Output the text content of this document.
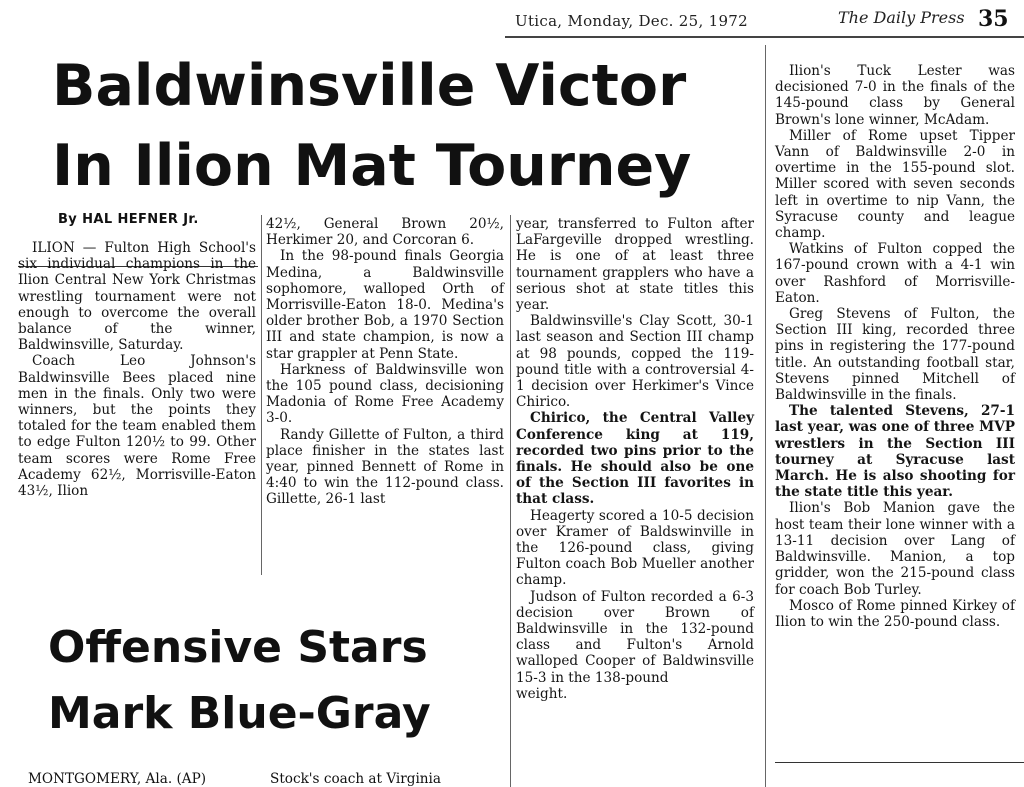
Utica, Monday, Dec. 25, 1972	The Daily Press 35
Baldwinsville Victor
In Ilion Mat Tourney
By HAL HEFNER Jr.

ILION — Fulton High School's six individual champions in the Ilion Central New York Christmas wrestling tournament were not enough to overcome the overall balance of the winner, Baldwinsville, Saturday.

Coach Leo Johnson's Baldwinsville Bees placed nine men in the finals. Only two were winners, but the points they totaled for the team enabled them to edge Fulton 120½ to 99. Other team scores were Rome Free Academy 62½, Morrisville-Eaton 43½, Ilion

42½, General Brown 20½, Herkimer 20, and Corcoran 6.

In the 98-pound finals Georgia Medina, a Baldwinsville sophomore, walloped Orth of Morrisville-Eaton 18-0. Medina's older brother Bob, a 1970 Section III and state champion, is now a star grappler at Penn State.

Harkness of Baldwinsville won the 105 pound class, decisioning Madonia of Rome Free Academy 3-0.

Randy Gillette of Fulton, a third place finisher in the states last year, pinned Bennett of Rome in 4:40 to win the 112-pound class. Gillette, 26-1 last

year, transferred to Fulton after LaFargeville dropped wrestling. He is one of at least three tournament grapplers who have a serious shot at state titles this year.

Baldwinsville's Clay Scott, 30-1 last season and Section III champ at 98 pounds, copped the 119-pound title with a controversial 4-1 decision over Herkimer's Vince Chirico.

Chirico, the Central Valley Conference king at 119, recorded two pins prior to the finals. He should also be one of the Section III favorites in that class.

Heagerty scored a 10-5 decision over Kramer of Baldswinville in the 126-pound class, giving Fulton coach Bob Mueller another champ.

Judson of Fulton recorded a 6-3 decision over Brown of Baldwinsville in the 132-pound class and Fulton's Arnold walloped Cooper of Baldwinsville 15-3 in the 138-pound

weight.

Ilion's Tuck Lester was decisioned 7-0 in the finals of the 145-pound class by General Brown's lone winner, McAdam.

Miller of Rome upset Tipper Vann of Baldwinsville 2-0 in overtime in the 155-pound slot. Miller scored with seven seconds left in overtime to nip Vann, the Syracuse county and league champ.

Watkins of Fulton copped the 167-pound crown with a 4-1 win over Rashford of Morrisville-Eaton.

Greg Stevens of Fulton, the Section III king, recorded three pins in registering the 177-pound title. An outstanding football star, Stevens pinned Mitchell of Baldwinsville in the finals.

The talented Stevens, 27-1 last year, was one of three MVP wrestlers in the Section III tourney at Syracuse last March. He is also shooting for the state title this year.

Ilion's Bob Manion gave the host team their lone winner with a 13-11 decision over Lang of Baldwinsville. Manion, a top gridder, won the 215-pound class for coach Bob Turley.

Mosco of Rome pinned Kirkey of Ilion to win the 250-pound class.

Offensive Stars
Mark Blue-Gray
MONTGOMERY, Ala. (AP)	Stock's coach at Virginia
